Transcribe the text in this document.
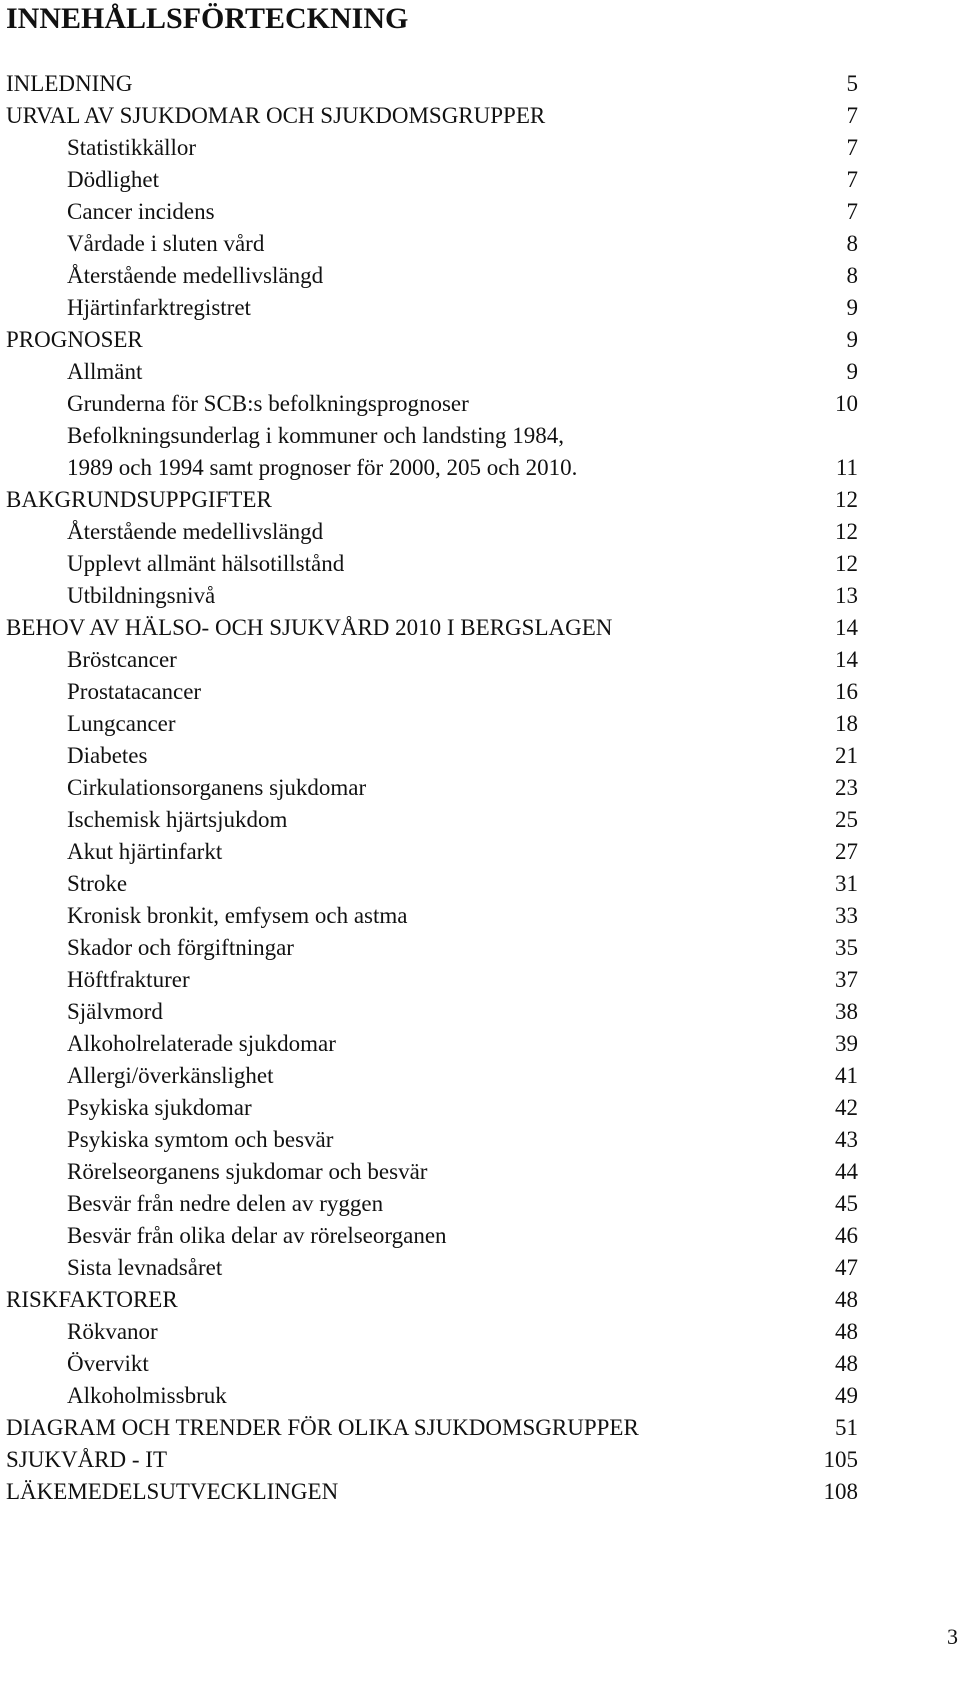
INNEHÅLLSFÖRTECKNING
INLEDNING	5
URVAL AV SJUKDOMAR OCH SJUKDOMSGRUPPER	7
Statistikkällor	7
Dödlighet	7
Cancer incidens	7
Vårdade i sluten vård	8
Återstående medellivslängd	8
Hjärtinfarktregistret	9
PROGNOSER	9
Allmänt	9
Grunderna för SCB:s befolkningsprognoser	10
Befolkningsunderlag i kommuner och landsting 1984,
1989 och 1994 samt prognoser för 2000, 205 och 2010.	11
BAKGRUNDSUPPGIFTER	12
Återstående medellivslängd	12
Upplevt allmänt hälsotillstånd	12
Utbildningsnivå	13
BEHOV AV HÄLSO- OCH SJUKVÅRD 2010 I BERGSLAGEN	14
Bröstcancer	14
Prostatacancer	16
Lungcancer	18
Diabetes	21
Cirkulationsorganens sjukdomar	23
Ischemisk hjärtsjukdom	25
Akut hjärtinfarkt	27
Stroke	31
Kronisk bronkit, emfysem och astma	33
Skador och förgiftningar	35
Höftfrakturer	37
Självmord	38
Alkoholrelaterade sjukdomar	39
Allergi/överkänslighet	41
Psykiska sjukdomar	42
Psykiska symtom och besvär	43
Rörelseorganens sjukdomar och besvär	44
Besvär från nedre delen av ryggen	45
Besvär från olika delar av rörelseorganen	46
Sista levnadsåret	47
RISKFAKTORER	48
Rökvanor	48
Övervikt	48
Alkoholmissbruk	49
DIAGRAM OCH TRENDER FÖR OLIKA SJUKDOMSGRUPPER	51
SJUKVÅRD - IT	105
LÄKEMEDELSUTVECKLINGEN	108
3
